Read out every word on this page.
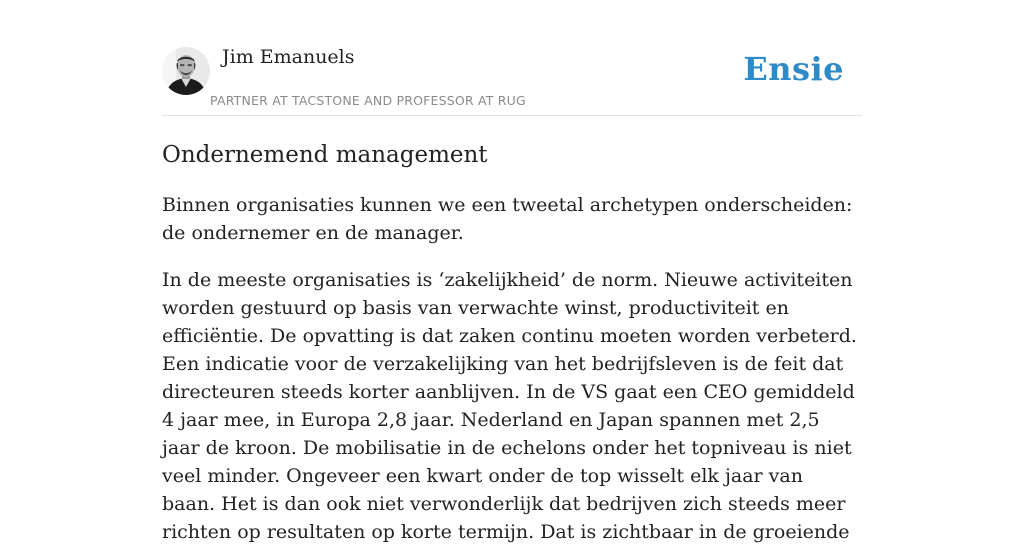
Jim Emanuels
PARTNER AT TACSTONE AND PROFESSOR AT RUG
Ensie
Ondernemend management

Binnen organisaties kunnen we een tweetal archetypen onderscheiden: de ondernemer en de manager.

In de meeste organisaties is ‘zakelijkheid’ de norm. Nieuwe activiteiten worden gestuurd op basis van verwachte winst, productiviteit en efficiëntie. De opvatting is dat zaken continu moeten worden verbeterd. Een indicatie voor de verzakelijking van het bedrijfsleven is de feit dat directeuren steeds korter aanblijven. In de VS gaat een CEO gemiddeld 4 jaar mee, in Europa 2,8 jaar. Nederland en Japan spannen met 2,5 jaar de kroon. De mobilisatie in de echelons onder het topniveau is niet veel minder. Ongeveer een kwart onder de top wisselt elk jaar van baan. Het is dan ook niet verwonderlijk dat bedrijven zich steeds meer richten op resultaten op korte termijn. Dat is zichtbaar in de groeiende
